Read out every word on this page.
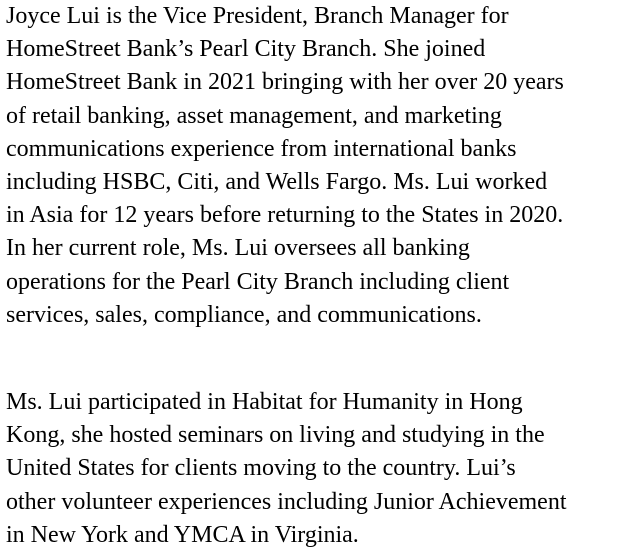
Joyce Lui is the Vice President, Branch Manager for
HomeStreet Bank’s Pearl City Branch. She joined
HomeStreet Bank in 2021 bringing with her over 20 years
of retail banking, asset management, and marketing
communications experience from international banks
including HSBC, Citi, and Wells Fargo. Ms. Lui worked
in Asia for 12 years before returning to the States in 2020.
In her current role, Ms. Lui oversees all banking
operations for the Pearl City Branch including client
services, sales, compliance, and communications.
Ms. Lui participated in Habitat for Humanity in Hong
Kong, she hosted seminars on living and studying in the
United States for clients moving to the country. Lui’s
other volunteer experiences including Junior Achievement
in New York and YMCA in Virginia.
